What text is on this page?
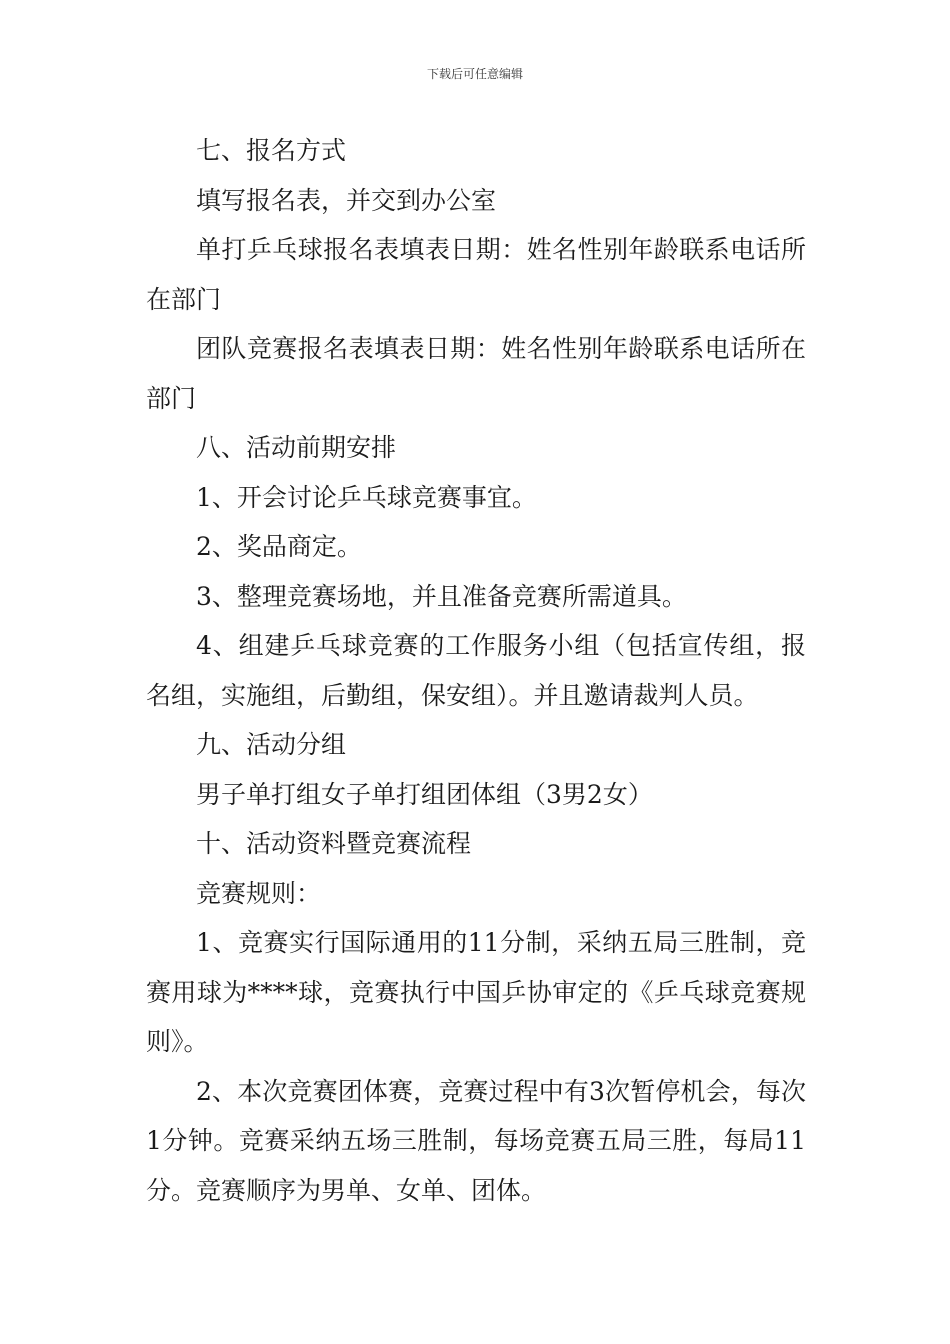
下载后可任意编辑

七、报名方式

填写报名表，并交到办公室

单打乒乓球报名表填表日期：姓名性别年龄联系电话所在部门

团队竞赛报名表填表日期：姓名性别年龄联系电话所在部门

八、活动前期安排

1、开会讨论乒乓球竞赛事宜。

2、奖品商定。

3、整理竞赛场地，并且准备竞赛所需道具。

4、组建乒乓球竞赛的工作服务小组（包括宣传组，报名组，实施组，后勤组，保安组）。并且邀请裁判人员。

九、活动分组

男子单打组女子单打组团体组（3男2女）

十、活动资料暨竞赛流程

竞赛规则：

1、竞赛实行国际通用的11分制，采纳五局三胜制，竞赛用球为****球，竞赛执行中国乒协审定的《乒乓球竞赛规则》。

2、本次竞赛团体赛，竞赛过程中有3次暂停机会，每次1分钟。竞赛采纳五场三胜制，每场竞赛五局三胜，每局11分。竞赛顺序为男单、女单、团体。
